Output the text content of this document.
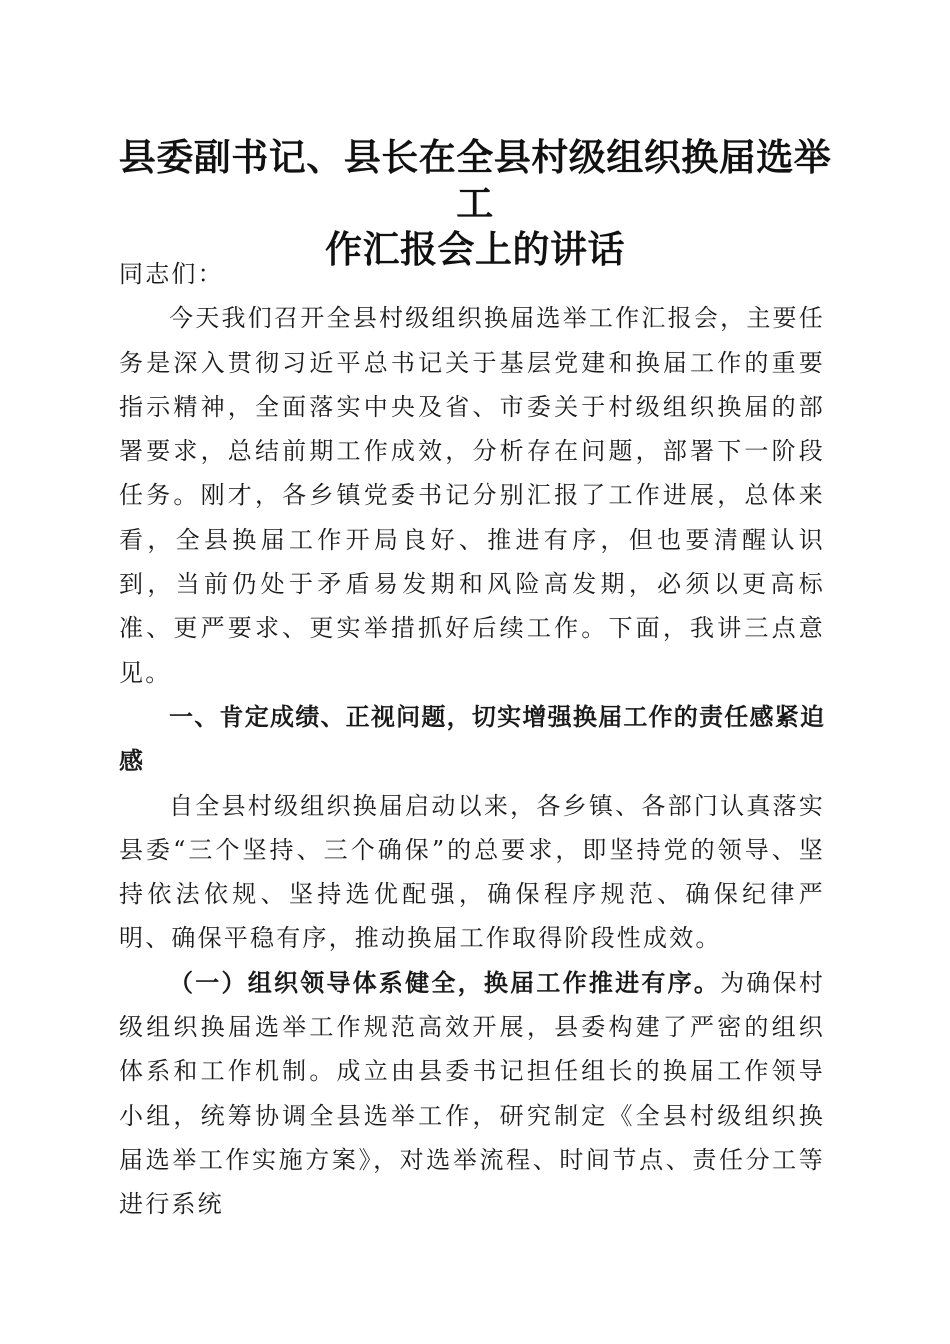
县委副书记、县长在全县村级组织换届选举工
作汇报会上的讲话

同志们：

今天我们召开全县村级组织换届选举工作汇报会，主要任务是深入贯彻习近平总书记关于基层党建和换届工作的重要指示精神，全面落实中央及省、市委关于村级组织换届的部署要求，总结前期工作成效，分析存在问题，部署下一阶段任务。刚才，各乡镇党委书记分别汇报了工作进展，总体来看，全县换届工作开局良好、推进有序，但也要清醒认识到，当前仍处于矛盾易发期和风险高发期，必须以更高标准、更严要求、更实举措抓好后续工作。下面，我讲三点意见。

一、肯定成绩、正视问题，切实增强换届工作的责任感紧迫感

自全县村级组织换届启动以来，各乡镇、各部门认真落实县委“三个坚持、三个确保”的总要求，即坚持党的领导、坚持依法依规、坚持选优配强，确保程序规范、确保纪律严明、确保平稳有序，推动换届工作取得阶段性成效。

（一）组织领导体系健全，换届工作推进有序。为确保村级组织换届选举工作规范高效开展，县委构建了严密的组织体系和工作机制。成立由县委书记担任组长的换届工作领导小组，统筹协调全县选举工作，研究制定《全县村级组织换届选举工作实施方案》，对选举流程、时间节点、责任分工等进行系统
